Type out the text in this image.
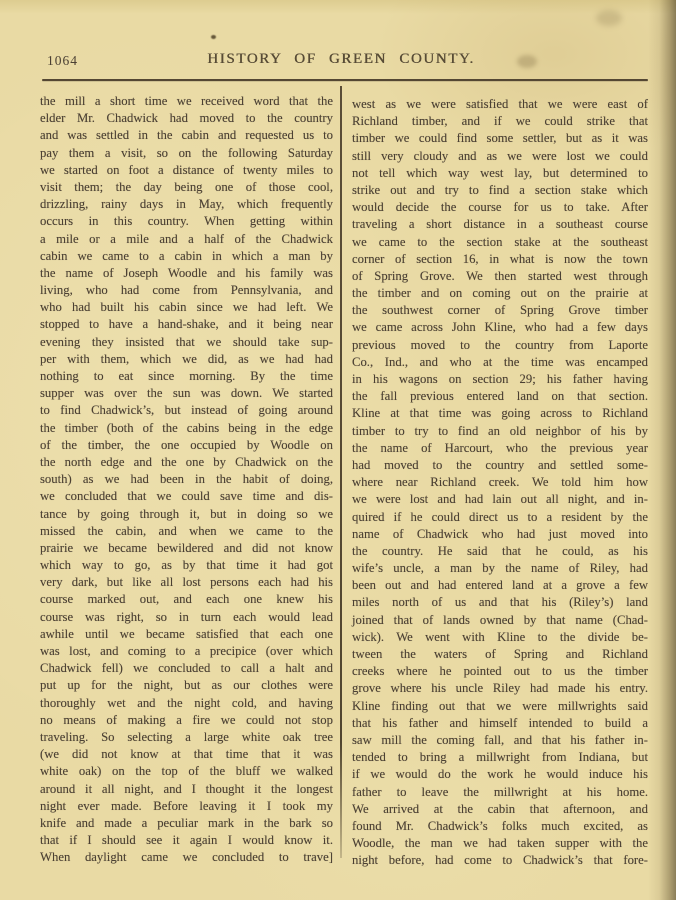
1064	HISTORY OF GREEN COUNTY.
the mill a short time we received word that the
elder Mr. Chadwick had moved to the country
and was settled in the cabin and requested us to
pay them a visit, so on the following Saturday
we started on foot a distance of twenty miles to
visit them; the day being one of those cool,
drizzling, rainy days in May, which frequently
occurs in this country. When getting within
a mile or a mile and a half of the Chadwick
cabin we came to a cabin in which a man by
the name of Joseph Woodle and his family was
living, who had come from Pennsylvania, and
who had built his cabin since we had left. We
stopped to have a hand-shake, and it being near
evening they insisted that we should take sup-
per with them, which we did, as we had had
nothing to eat since morning. By the time
supper was over the sun was down. We started
to find Chadwick’s, but instead of going around
the timber (both of the cabins being in the edge
of the timber, the one occupied by Woodle on
the north edge and the one by Chadwick on the
south) as we had been in the habit of doing,
we concluded that we could save time and dis-
tance by going through it, but in doing so we
missed the cabin, and when we came to the
prairie we became bewildered and did not know
which way to go, as by that time it had got
very dark, but like all lost persons each had his
course marked out, and each one knew his
course was right, so in turn each would lead
awhile until we became satisfied that each one
was lost, and coming to a precipice (over which
Chadwick fell) we concluded to call a halt and
put up for the night, but as our clothes were
thoroughly wet and the night cold, and having
no means of making a fire we could not stop
traveling. So selecting a large white oak tree
(we did not know at that time that it was
white oak) on the top of the bluff we walked
around it all night, and I thought it the longest
night ever made. Before leaving it I took my
knife and made a peculiar mark in the bark so
that if I should see it again I would know it.
When daylight came we concluded to trave]
west as we were satisfied that we were east of
Richland timber, and if we could strike that
timber we could find some settler, but as it was
still very cloudy and as we were lost we could
not tell which way west lay, but determined to
strike out and try to find a section stake which
would decide the course for us to take. After
traveling a short distance in a southeast course
we came to the section stake at the southeast
corner of section 16, in what is now the town
of Spring Grove. We then started west through
the timber and on coming out on the prairie at
the southwest corner of Spring Grove timber
we came across John Kline, who had a few days
previous moved to the country from Laporte
Co., Ind., and who at the time was encamped
in his wagons on section 29; his father having
the fall previous entered land on that section.
Kline at that time was going across to Richland
timber to try to find an old neighbor of his by
the name of Harcourt, who the previous year
had moved to the country and settled some-
where near Richland creek. We told him how
we were lost and had lain out all night, and in-
quired if he could direct us to a resident by the
name of Chadwick who had just moved into
the country. He said that he could, as his
wife’s uncle, a man by the name of Riley, had
been out and had entered land at a grove a few
miles north of us and that his (Riley’s) land
joined that of lands owned by that name (Chad-
wick). We went with Kline to the divide be-
tween the waters of Spring and Richland
creeks where he pointed out to us the timber
grove where his uncle Riley had made his entry.
Kline finding out that we were millwrights said
that his father and himself intended to build a
saw mill the coming fall, and that his father in-
tended to bring a millwright from Indiana, but
if we would do the work he would induce his
father to leave the millwright at his home.
We arrived at the cabin that afternoon, and
found Mr. Chadwick’s folks much excited, as
Woodle, the man we had taken supper with the
night before, had come to Chadwick’s that fore-
